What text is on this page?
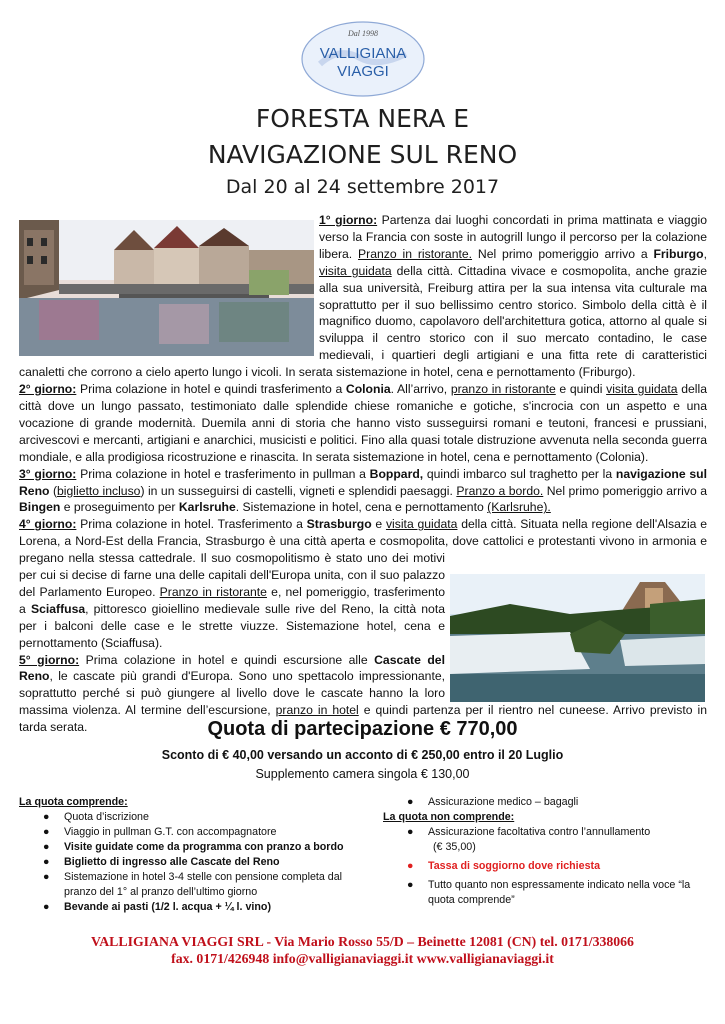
Dal 1998
VALLIGIANA
VIAGGI
FORESTA NERA E
NAVIGAZIONE SUL RENO
Dal 20 al 24 settembre 2017

1° giorno: Partenza dai luoghi concordati in prima mattinata e viaggio verso la Francia con soste in autogrill lungo il percorso per la colazione libera. Pranzo in ristorante. Nel primo pomeriggio arrivo a Friburgo, visita guidata della città. Cittadina vivace e cosmopolita, anche grazie alla sua università, Freiburg attira per la sua intensa vita culturale ma soprattutto per il suo bellissimo centro storico. Simbolo della città è il magnifico duomo, capolavoro dell'architettura gotica, attorno al quale si sviluppa il centro storico con il suo mercato contadino, le case medievali, i quartieri degli artigiani e una fitta rete di caratteristici canaletti che corrono a cielo aperto lungo i vicoli. In serata sistemazione in hotel, cena e pernottamento (Friburgo).

2° giorno: Prima colazione in hotel e quindi trasferimento a Colonia. All’arrivo, pranzo in ristorante e quindi visita guidata della città dove un lungo passato, testimoniato dalle splendide chiese romaniche e gotiche, s'incrocia con un aspetto e una vocazione di grande modernità. Duemila anni di storia che hanno visto susseguirsi romani e teutoni, francesi e prussiani, arcivescovi e mercanti, artigiani e anarchici, musicisti e politici. Fino alla quasi totale distruzione avvenuta nella seconda guerra mondiale, e alla prodigiosa ricostruzione e rinascita. In serata sistemazione in hotel, cena e pernottamento (Colonia).

3° giorno: Prima colazione in hotel e trasferimento in pullman a Boppard, quindi imbarco sul traghetto per la navigazione sul Reno (biglietto incluso) in un susseguirsi di castelli, vigneti e splendidi paesaggi. Pranzo a bordo. Nel primo pomeriggio arrivo a Bingen e proseguimento per Karlsruhe. Sistemazione in hotel, cena e pernottamento (Karlsruhe).

4° giorno: Prima colazione in hotel. Trasferimento a Strasburgo e visita guidata della città. Situata nella regione dell'Alsazia e Lorena, a Nord-Est della Francia, Strasburgo è una città aperta e cosmopolita, dove cattolici e protestanti vivono in armonia e pregano nella stessa cattedrale. Il suo cosmopolitismo è stato uno dei motivi per cui si decise di farne una delle capitali dell'Europa unita, con il suo palazzo del Parlamento Europeo. Pranzo in ristorante e, nel pomeriggio, trasferimento a Sciaffusa, pittoresco gioiellino medievale sulle rive del Reno, la città nota per i balconi delle case e le strette viuzze. Sistemazione hotel, cena e pernottamento (Sciaffusa).

5° giorno: Prima colazione in hotel e quindi escursione alle Cascate del Reno, le cascate più grandi d'Europa. Sono uno spettacolo impressionante, soprattutto perché si può giungere al livello dove le cascate hanno la loro massima violenza. Al termine dell’escursione, pranzo in hotel e quindi partenza per il rientro nel cuneese. Arrivo previsto in tarda serata.	Quota di partecipazione € 770,00
Sconto di € 40,00 versando un acconto di € 250,00 entro il 20 Luglio
Supplemento camera singola € 130,00
La quota comprende:
● Quota d’iscrizione
● Viaggio in pullman G.T. con accompagnatore
● Visite guidate come da programma con pranzo a bordo
● Biglietto di ingresso alle Cascate del Reno
● Sistemazione in hotel 3-4 stelle con pensione completa dal pranzo del 1° al pranzo dell’ultimo giorno
● Bevande ai pasti (1/2 l. acqua + ¼ l. vino)
● Assicurazione medico – bagagli
La quota non comprende:
● Assicurazione facoltativa contro l’annullamento
(€ 35,00)
● Tassa di soggiorno dove richiesta
● Tutto quanto non espressamente indicato nella voce “la quota comprende”
VALLIGIANA VIAGGI SRL - Via Mario Rosso 55/D – Beinette 12081 (CN) tel. 0171/338066
fax. 0171/426948 info@valligianaviaggi.it www.valligianaviaggi.it
